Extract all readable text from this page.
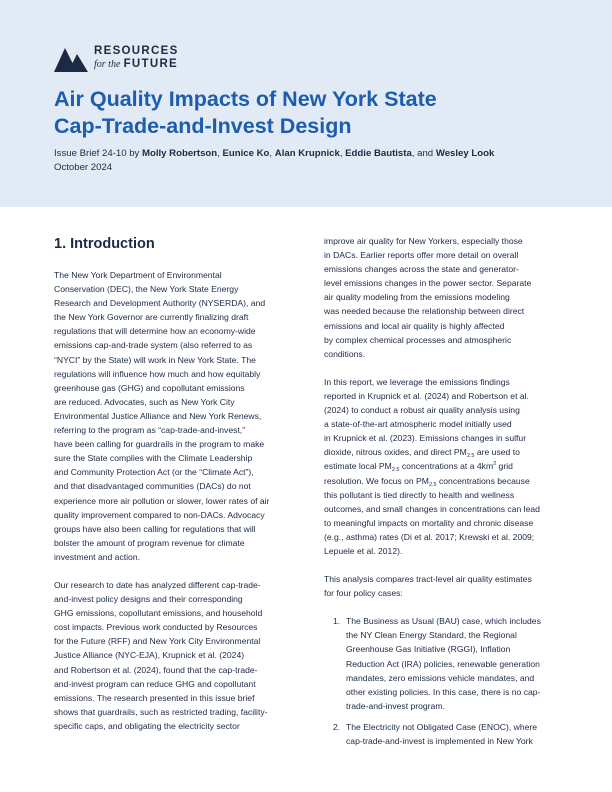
RESOURCES
for the FUTURE
Air Quality Impacts of New York State
Cap-Trade-and-Invest Design
Issue Brief 24-10 by Molly Robertson, Eunice Ko, Alan Krupnick, Eddie Bautista, and Wesley Look
October 2024
1. Introduction
The New York Department of Environmental
Conservation (DEC), the New York State Energy
Research and Development Authority (NYSERDA), and
the New York Governor are currently finalizing draft
regulations that will determine how an economy-wide
emissions cap-and-trade system (also referred to as
“NYCI” by the State) will work in New York State. The
regulations will influence how much and how equitably
greenhouse gas (GHG) and copollutant emissions
are reduced. Advocates, such as New York City
Environmental Justice Alliance and New York Renews,
referring to the program as “cap-trade-and-invest,”
have been calling for guardrails in the program to make
sure the State complies with the Climate Leadership
and Community Protection Act (or the “Climate Act”),
and that disadvantaged communities (DACs) do not
experience more air pollution or slower, lower rates of air
quality improvement compared to non-DACs. Advocacy
groups have also been calling for regulations that will
bolster the amount of program revenue for climate
investment and action.
Our research to date has analyzed different cap-trade-
and-invest policy designs and their corresponding
GHG emissions, copollutant emissions, and household
cost impacts. Previous work conducted by Resources
for the Future (RFF) and New York City Environmental
Justice Alliance (NYC-EJA), Krupnick et al. (2024)
and Robertson et al. (2024), found that the cap-trade-
and-invest program can reduce GHG and copollutant
emissions. The research presented in this issue brief
shows that guardrails, such as restricted trading, facility-
specific caps, and obligating the electricity sector
improve air quality for New Yorkers, especially those
in DACs. Earlier reports offer more detail on overall
emissions changes across the state and generator-
level emissions changes in the power sector. Separate
air quality modeling from the emissions modeling
was needed because the relationship between direct
emissions and local air quality is highly affected
by complex chemical processes and atmospheric
conditions.
In this report, we leverage the emissions findings
reported in Krupnick et al. (2024) and Robertson et al.
(2024) to conduct a robust air quality analysis using
a state-of-the-art atmospheric model initially used
in Krupnick et al. (2023). Emissions changes in sulfur
dioxide, nitrous oxides, and direct $PM_{2.5}$ are used to
estimate local $PM_{2.5}$ concentrations at a $4km^2$ grid
resolution. We focus on $PM_{2.5}$ concentrations because
this pollutant is tied directly to health and wellness
outcomes, and small changes in concentrations can lead
to meaningful impacts on mortality and chronic disease
(e.g., asthma) rates (Di et al. 2017; Krewski et al. 2009;
Lepuele et al. 2012).
This analysis compares tract-level air quality estimates
for four policy cases:
1. The Business as Usual (BAU) case, which includes
the NY Clean Energy Standard, the Regional
Greenhouse Gas Initiative (RGGI), Inflation
Reduction Act (IRA) policies, renewable generation
mandates, zero emissions vehicle mandates, and
other existing policies. In this case, there is no cap-
trade-and-invest program.
2. The Electricity not Obligated Case (ENOC), where
cap-trade-and-invest is implemented in New York
